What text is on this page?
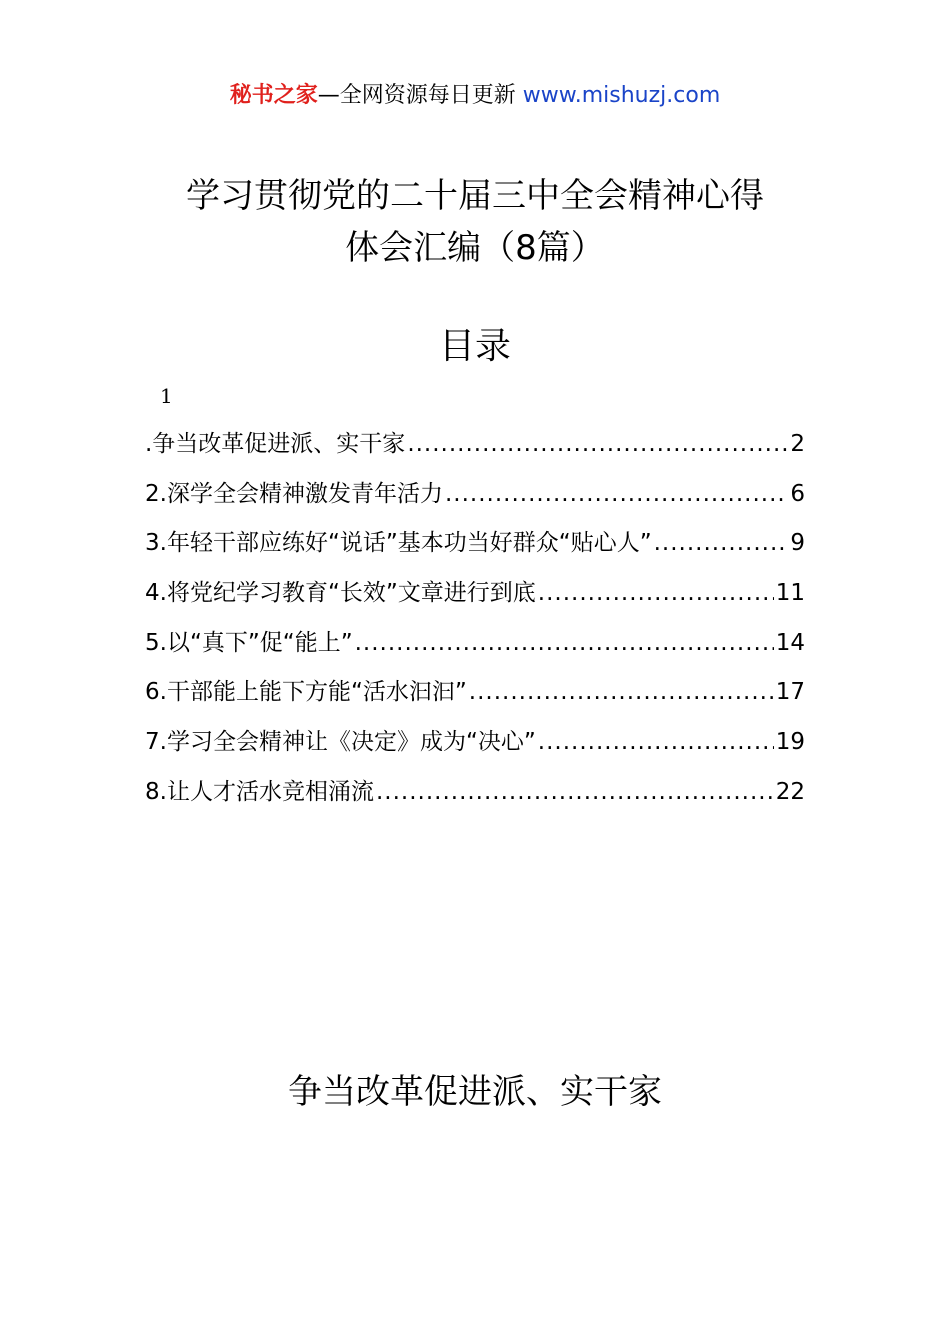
秘书之家—全网资源每日更新 www.mishuzj.com
学习贯彻党的二十届三中全会精神心得
体会汇编（8篇）
目录
1
.争当改革促进派、实干家 .....	2
2.深学全会精神激发青年活力 .....	6
3.年轻干部应练好“说话”基本功当好群众“贴心人” .....	9
4.将党纪学习教育“长效”文章进行到底 .....	11
5.以“真下”促“能上” .....	14
6.干部能上能下方能“活水汩汩” .....	17
7.学习全会精神让《决定》成为“决心” .....	19
8.让人才活水竞相涌流 .....	22
争当改革促进派、实干家
